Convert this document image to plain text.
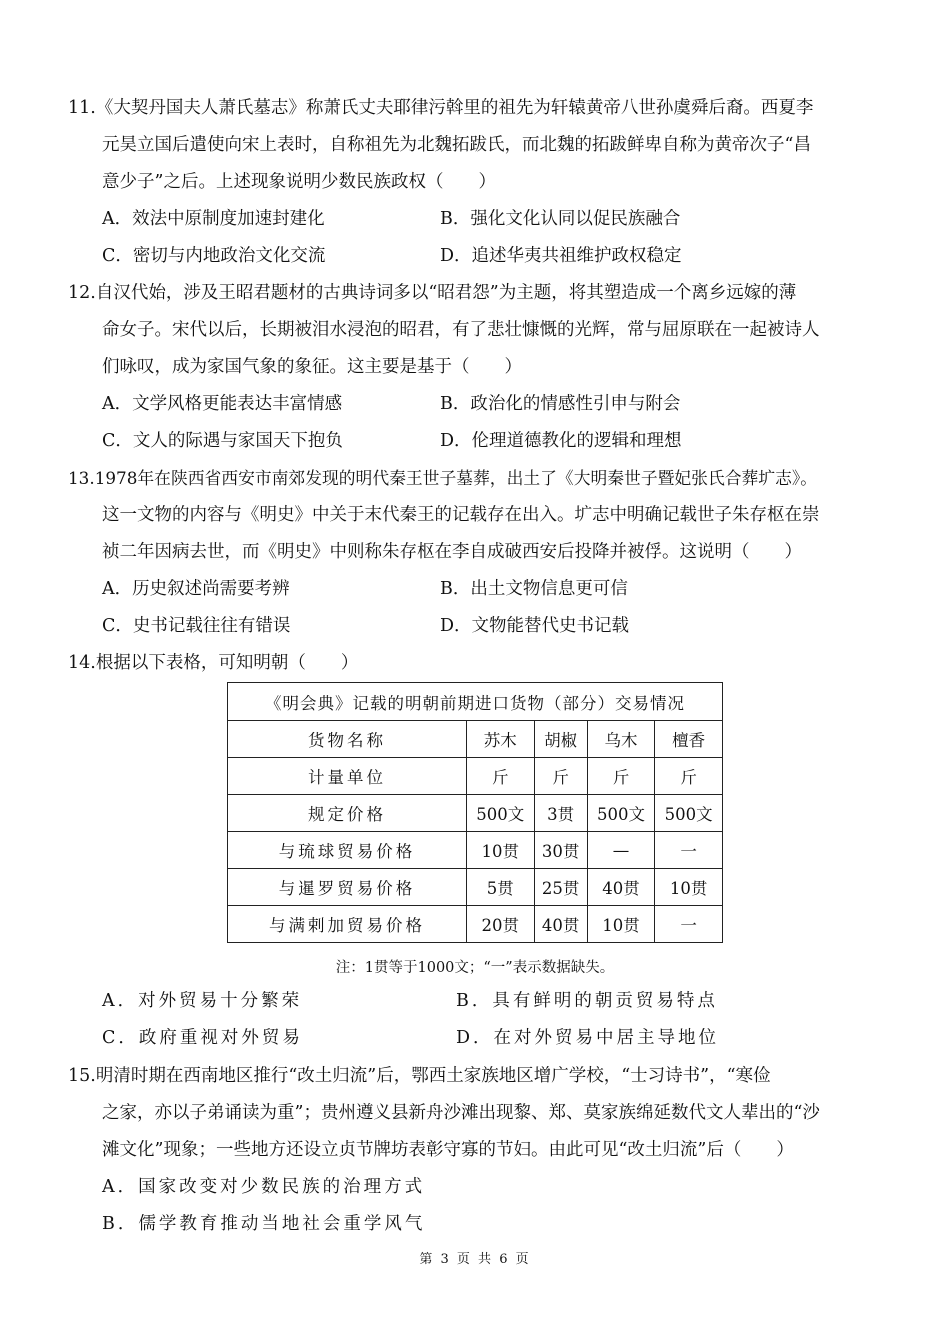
11.《大契丹国夫人萧氏墓志》称萧氏丈夫耶律污斡里的祖先为轩辕黄帝八世孙虞舜后裔。西夏李
元昊立国后遣使向宋上表时，自称祖先为北魏拓跋氏，而北魏的拓跋鲜卑自称为黄帝次子“昌
意少子”之后。上述现象说明少数民族政权（　　）
A．效法中原制度加速封建化	B．强化文化认同以促民族融合
C．密切与内地政治文化交流	D．追述华夷共祖维护政权稳定
12.自汉代始，涉及王昭君题材的古典诗词多以“昭君怨”为主题，将其塑造成一个离乡远嫁的薄
命女子。宋代以后，长期被泪水浸泡的昭君，有了悲壮慷慨的光辉，常与屈原联在一起被诗人
们咏叹，成为家国气象的象征。这主要是基于（　　）
A．文学风格更能表达丰富情感	B．政治化的情感性引申与附会
C．文人的际遇与家国天下抱负	D．伦理道德教化的逻辑和理想
13.1978年在陕西省西安市南郊发现的明代秦王世子墓葬，出土了《大明秦世子暨妃张氏合葬圹志》。
这一文物的内容与《明史》中关于末代秦王的记载存在出入。圹志中明确记载世子朱存枢在崇
祯二年因病去世，而《明史》中则称朱存枢在李自成破西安后投降并被俘。这说明（　　）
A．历史叙述尚需要考辨	B．出土文物信息更可信
C．史书记载往往有错误	D．文物能替代史书记载
14.根据以下表格，可知明朝（　　）
《明会典》记载的明朝前期进口货物（部分）交易情况				
货物名称	苏木	胡椒	乌木	檀香
计量单位	斤	斤	斤	斤
规定价格	500文	3贯	500文	500文
与琉球贸易价格	10贯	30贯	—	一
与暹罗贸易价格	5贯	25贯	40贯	10贯
与满剌加贸易价格	20贯	40贯	10贯	一
注：1贯等于1000文；“一”表示数据缺失。
A．对外贸易十分繁荣	B．具有鲜明的朝贡贸易特点
C．政府重视对外贸易	D．在对外贸易中居主导地位
15.明清时期在西南地区推行“改土归流”后，鄂西土家族地区增广学校，“士习诗书”，“寒俭
之家，亦以子弟诵读为重”；贵州遵义县新舟沙滩出现黎、郑、莫家族绵延数代文人辈出的“沙
滩文化”现象；一些地方还设立贞节牌坊表彰守寡的节妇。由此可见“改土归流”后（　　）
A．国家改变对少数民族的治理方式
B．儒学教育推动当地社会重学风气
第 3 页 共 6 页
